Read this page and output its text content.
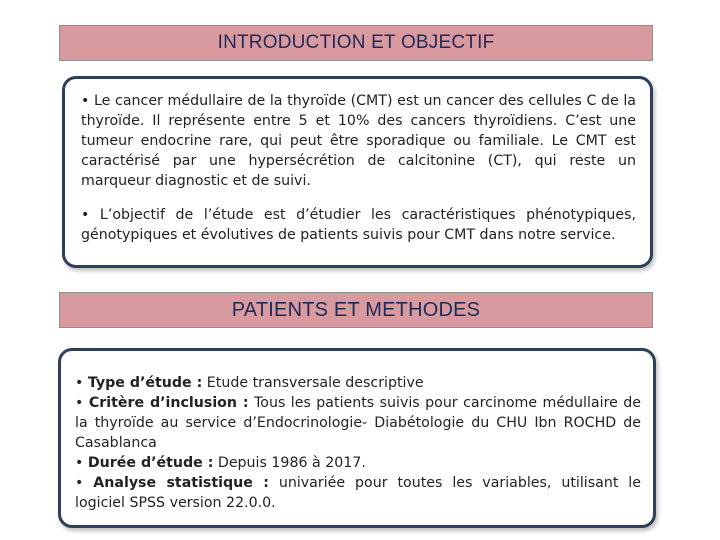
INTRODUCTION ET OBJECTIF

• Le cancer médullaire de la thyroïde (CMT) est un cancer des cellules C de la thyroïde. Il représente entre 5 et 10% des cancers thyroïdiens. C’est une tumeur endocrine rare, qui peut être sporadique ou familiale. Le CMT est caractérisé par une hypersécrétion de calcitonine (CT), qui reste un marqueur diagnostic et de suivi.

• L’objectif de l’étude est d’étudier les caractéristiques phénotypiques, génotypiques et évolutives de patients suivis pour CMT dans notre service.

PATIENTS ET METHODES

• Type d’étude : Etude transversale descriptive

• Critère d’inclusion : Tous les patients suivis pour carcinome médullaire de la thyroïde au service d’Endocrinologie- Diabétologie du CHU Ibn ROCHD de Casablanca

• Durée d’étude : Depuis 1986 à 2017.

• Analyse statistique : univariée pour toutes les variables, utilisant le logiciel SPSS version 22.0.0.
